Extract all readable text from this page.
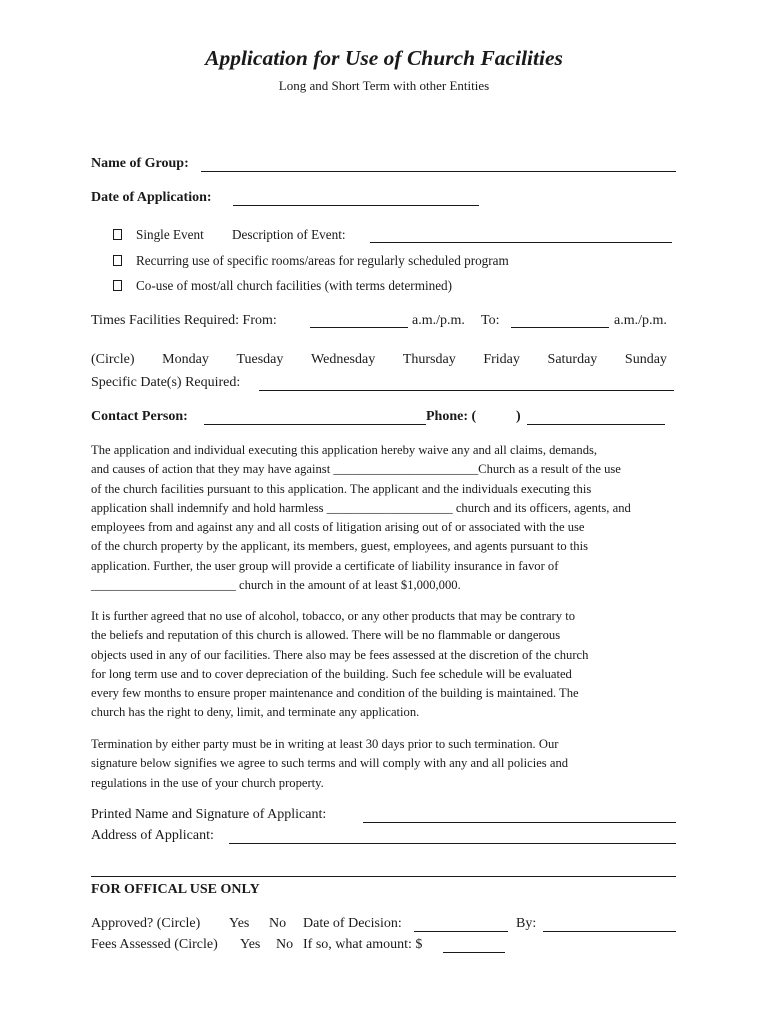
Application for Use of Church Facilities
Long and Short Term with other Entities
Name of Group:
Date of Application:
Single Event Description of Event:
Recurring use of specific rooms/areas for regularly scheduled program
Co-use of most/all church facilities (with terms determined)
Times Facilities Required: From:	a.m./p.m. To:	a.m./p.m.
(Circle) Monday Tuesday Wednesday Thursday Friday Saturday Sunday
Specific Date(s) Required:
Contact Person:	Phone: (	)
The application and individual executing this application hereby waive any and all claims, demands,
and causes of action that they may have against _______________________Church as a result of the use
of the church facilities pursuant to this application. The applicant and the individuals executing this
application shall indemnify and hold harmless ____________________ church and its officers, agents, and
employees from and against any and all costs of litigation arising out of or associated with the use
of the church property by the applicant, its members, guest, employees, and agents pursuant to this
application. Further, the user group will provide a certificate of liability insurance in favor of
_______________________ church in the amount of at least $1,000,000.
It is further agreed that no use of alcohol, tobacco, or any other products that may be contrary to
the beliefs and reputation of this church is allowed. There will be no flammable or dangerous
objects used in any of our facilities. There also may be fees assessed at the discretion of the church
for long term use and to cover depreciation of the building. Such fee schedule will be evaluated
every few months to ensure proper maintenance and condition of the building is maintained. The
church has the right to deny, limit, and terminate any application.
Termination by either party must be in writing at least 30 days prior to such termination. Our
signature below signifies we agree to such terms and will comply with any and all policies and
regulations in the use of your church property.
Printed Name and Signature of Applicant:
Address of Applicant:
FOR OFFICAL USE ONLY
Approved? (Circle) Yes No Date of Decision:	By:
Fees Assessed (Circle) Yes No If so, what amount: $
